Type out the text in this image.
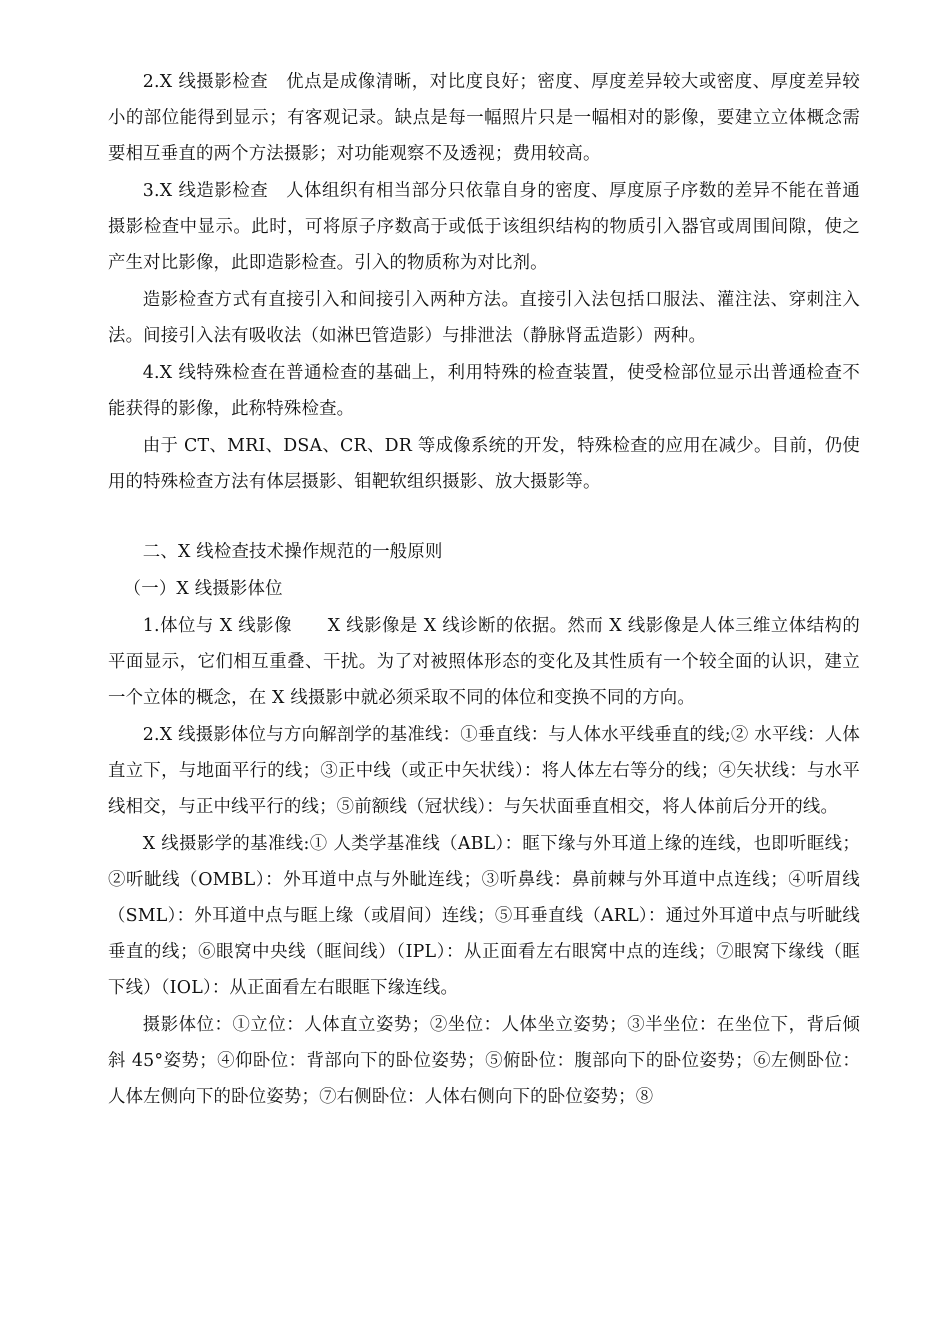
2.X 线摄影检查　优点是成像清晰，对比度良好；密度、厚度差异较大或密度、厚度差异较小的部位能得到显示；有客观记录。缺点是每一幅照片只是一幅相对的影像，要建立立体概念需要相互垂直的两个方法摄影；对功能观察不及透视；费用较高。

3.X 线造影检查　人体组织有相当部分只依靠自身的密度、厚度原子序数的差异不能在普通摄影检查中显示。此时，可将原子序数高于或低于该组织结构的物质引入器官或周围间隙，使之产生对比影像，此即造影检查。引入的物质称为对比剂。

造影检查方式有直接引入和间接引入两种方法。直接引入法包括口服法、灌注法、穿刺注入法。间接引入法有吸收法（如淋巴管造影）与排泄法（静脉肾盂造影）两种。

4.X 线特殊检查在普通检查的基础上，利用特殊的检查装置，使受检部位显示出普通检查不能获得的影像，此称特殊检查。

由于 CT、MRI、DSA、CR、DR 等成像系统的开发，特殊检查的应用在减少。目前，仍使用的特殊检查方法有体层摄影、钼靶软组织摄影、放大摄影等。

二、X 线检查技术操作规范的一般原则

（一）X 线摄影体位

1.体位与 X 线影像　　X 线影像是 X 线诊断的依据。然而 X 线影像是人体三维立体结构的平面显示，它们相互重叠、干扰。为了对被照体形态的变化及其性质有一个较全面的认识，建立一个立体的概念，在 X 线摄影中就必须采取不同的体位和变换不同的方向。

2.X 线摄影体位与方向解剖学的基准线：①垂直线：与人体水平线垂直的线;② 水平线：人体直立下，与地面平行的线；③正中线（或正中矢状线）：将人体左右等分的线；④矢状线：与水平线相交，与正中线平行的线；⑤前额线（冠状线）：与矢状面垂直相交，将人体前后分开的线。

X 线摄影学的基准线:① 人类学基准线（ABL）：眶下缘与外耳道上缘的连线，也即听眶线；②听眦线（OMBL）：外耳道中点与外眦连线；③听鼻线：鼻前棘与外耳道中点连线；④听眉线（SML）：外耳道中点与眶上缘（或眉间）连线；⑤耳垂直线（ARL）：通过外耳道中点与听眦线垂直的线；⑥眼窝中央线（眶间线）（IPL）：从正面看左右眼窝中点的连线；⑦眼窝下缘线（眶下线）（IOL）：从正面看左右眼眶下缘连线。

摄影体位：①立位：人体直立姿势；②坐位：人体坐立姿势；③半坐位：在坐位下，背后倾斜 45°姿势；④仰卧位：背部向下的卧位姿势；⑤俯卧位：腹部向下的卧位姿势；⑥左侧卧位：人体左侧向下的卧位姿势；⑦右侧卧位：人体右侧向下的卧位姿势；⑧
